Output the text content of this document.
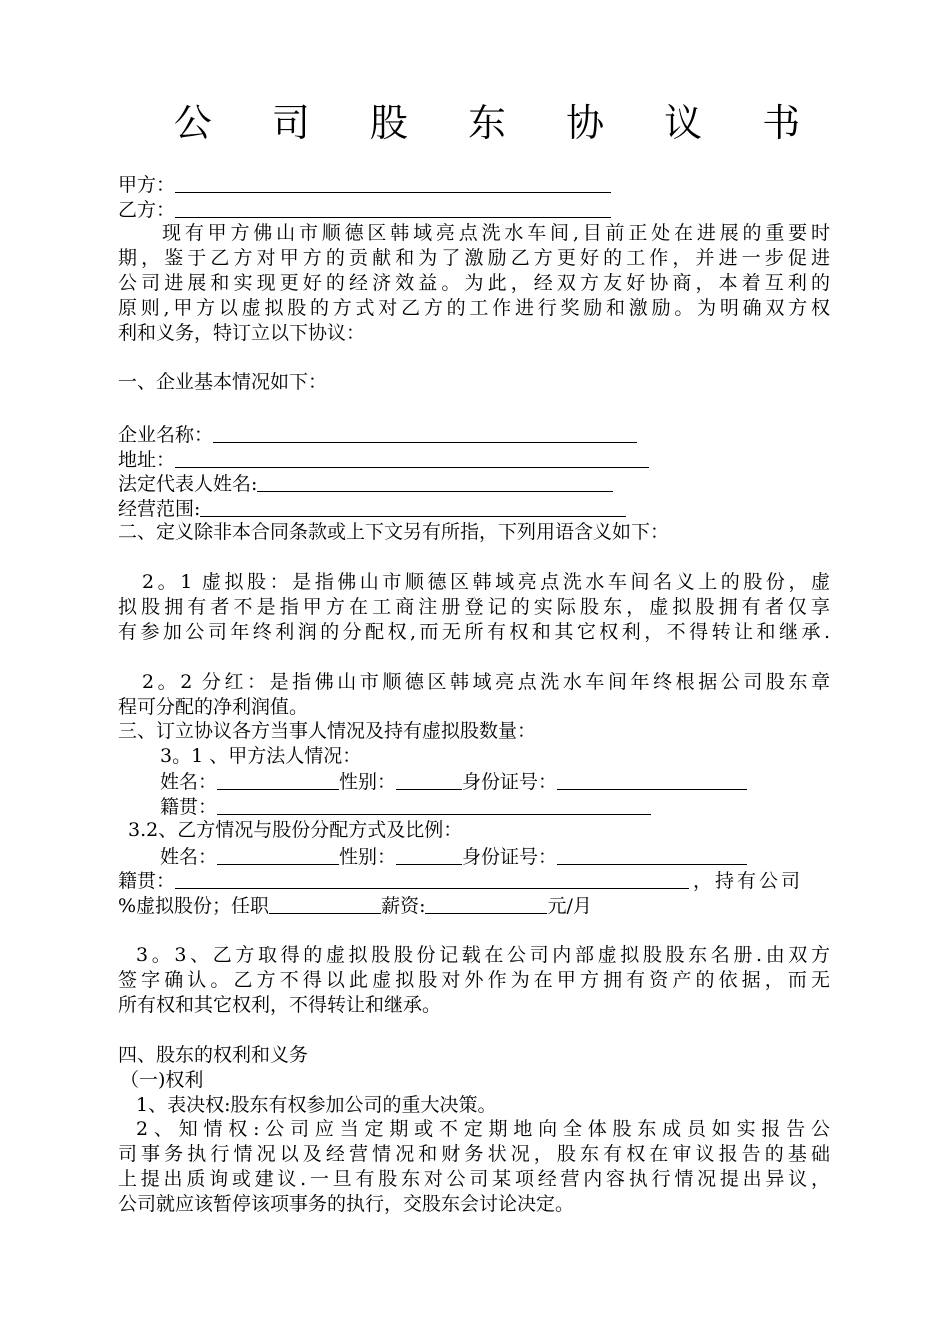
公 司 股 东 协 议 书
甲方：
乙方：
现有甲方佛山市顺德区韩域亮点洗水车间,目前正处在进展的重要时
期，鉴于乙方对甲方的贡献和为了激励乙方更好的工作，并进一步促进
公司进展和实现更好的经济效益。为此，经双方友好协商，本着互利的
原则,甲方以虚拟股的方式对乙方的工作进行奖励和激励。为明确双方权
利和义务，特订立以下协议：
一、企业基本情况如下：
企业名称：
地址：
法定代表人姓名:
经营范围:
二、定义除非本合同条款或上下文另有所指，下列用语含义如下：
2。1 虚拟股：是指佛山市顺德区韩域亮点洗水车间名义上的股份，虚
拟股拥有者不是指甲方在工商注册登记的实际股东，虚拟股拥有者仅享
有参加公司年终利润的分配权,而无所有权和其它权利，不得转让和继承.
2。2 分红：是指佛山市顺德区韩域亮点洗水车间年终根据公司股东章
程可分配的净利润值。
三、订立协议各方当事人情况及持有虚拟股数量：
3。1 、甲方法人情况：
姓名：	性别：	身份证号：
籍贯：
3.2、乙方情况与股份分配方式及比例：
姓名：	性别：	身份证号：
籍贯：	，持有公司
%虚拟股份；任职	薪资:	元/月
3。3、乙方取得的虚拟股股份记载在公司内部虚拟股股东名册.由双方
签字确认。乙方不得以此虚拟股对外作为在甲方拥有资产的依据，而无
所有权和其它权利，不得转让和继承。
四、股东的权利和义务
（一)权利
1、表决权:股东有权参加公司的重大决策。
2、知情权:公司应当定期或不定期地向全体股东成员如实报告公
司事务执行情况以及经营情况和财务状况，股东有权在审议报告的基础
上提出质询或建议.一旦有股东对公司某项经营内容执行情况提出异议，
公司就应该暂停该项事务的执行，交股东会讨论决定。
